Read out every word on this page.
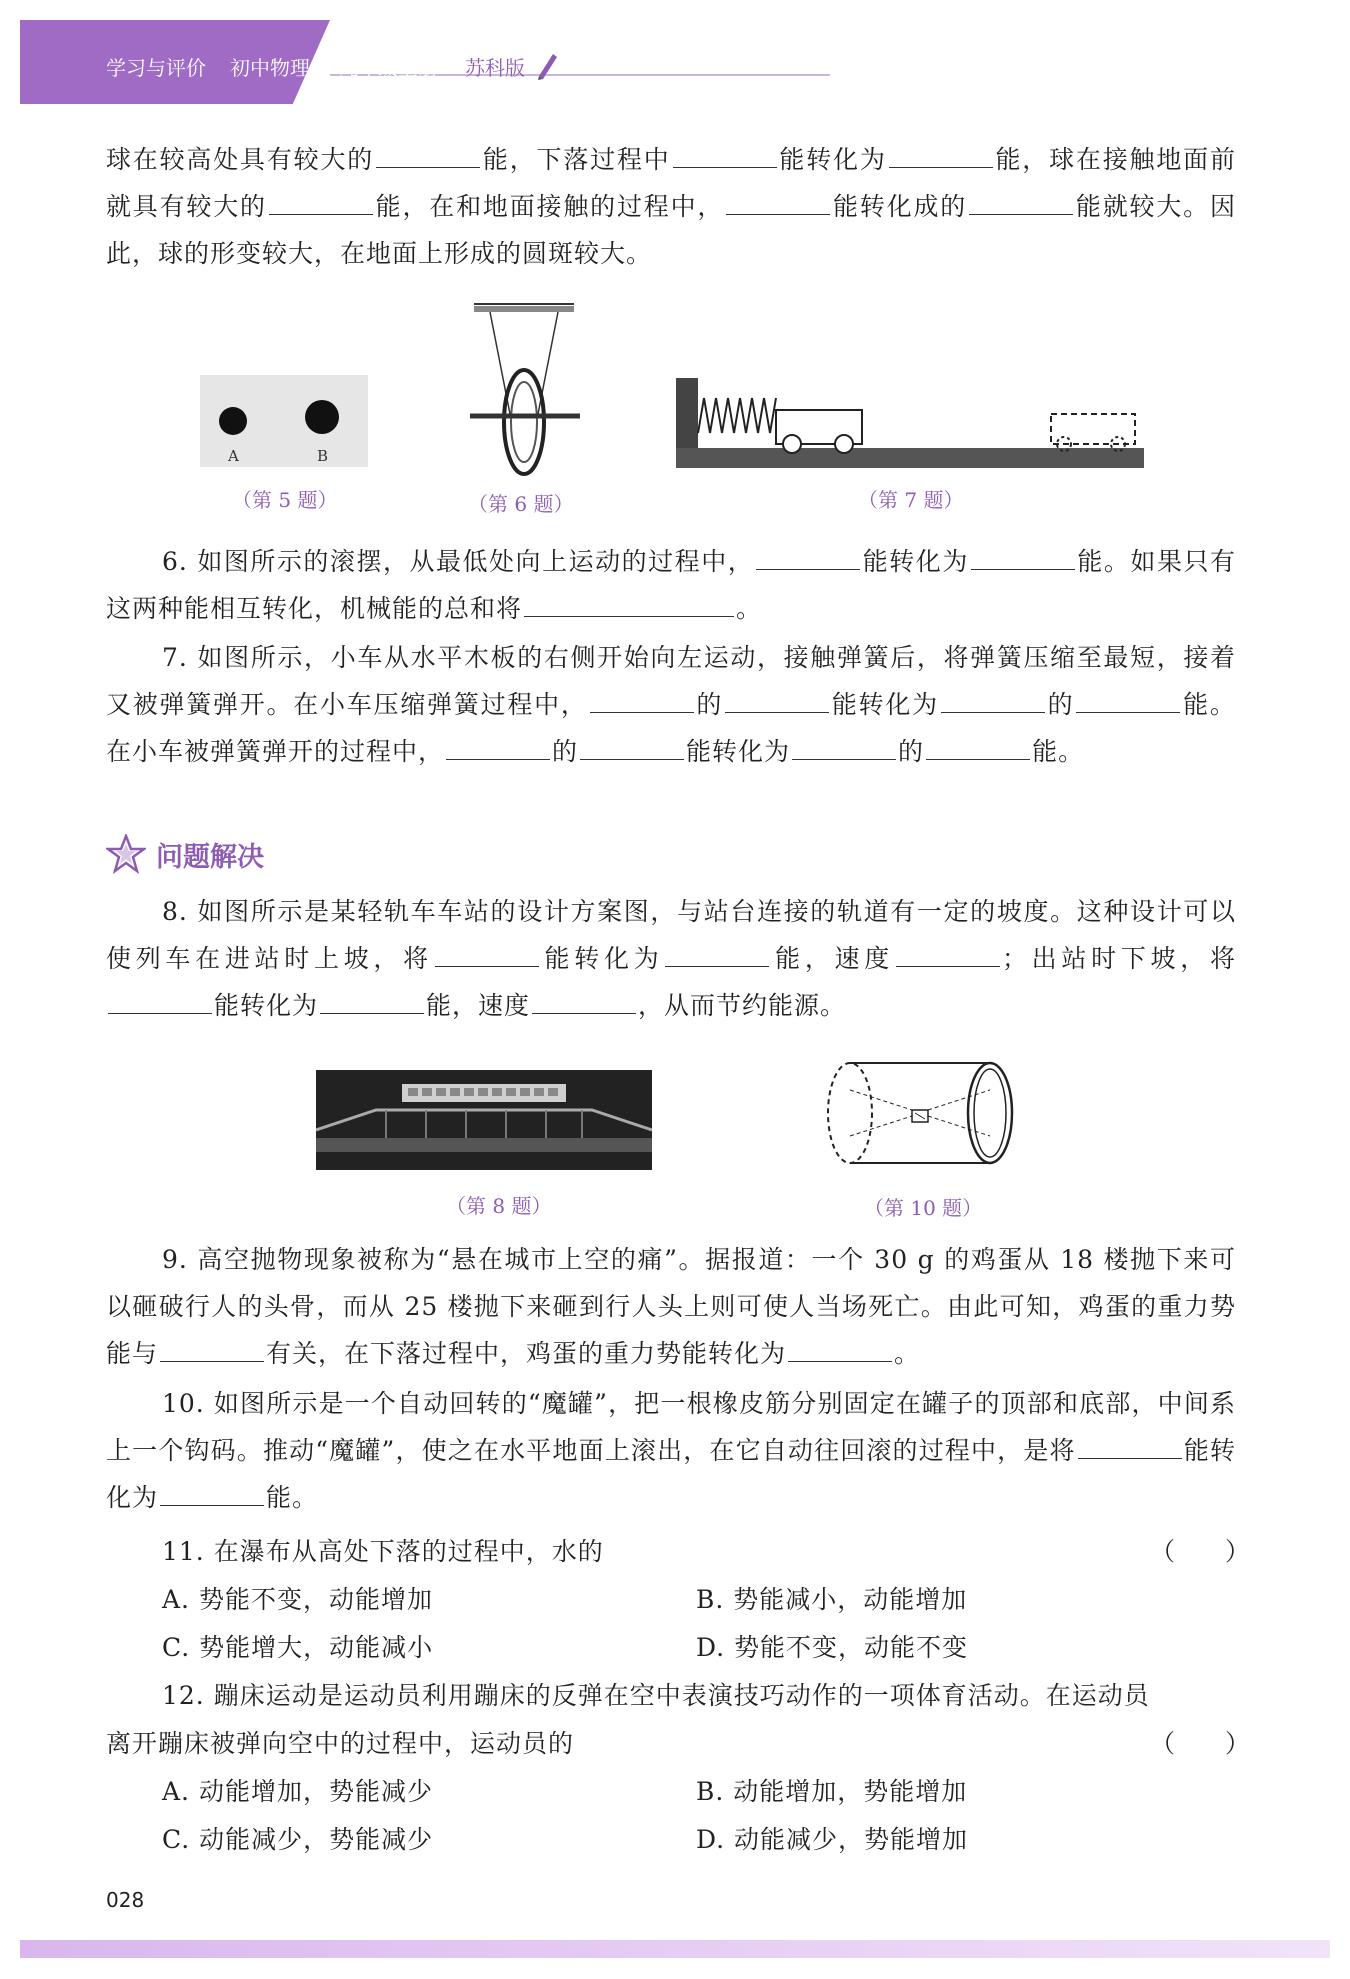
学习与评价 初中物理 九年级上册 苏科版
球在较高处具有较大的	能，下落过程中	能转化为	能，球在接触地面前就具有较大的	能，在和地面接触的过程中，	能转化成的	能就较大。因此，球的形变较大，在地面上形成的圆斑较大。
A	B
（第 5 题）	（第 6 题）	（第 7 题）
6. 如图所示的滚摆，从最低处向上运动的过程中，	能转化为	能。如果只有这两种能相互转化，机械能的总和将	。
7. 如图所示，小车从水平木板的右侧开始向左运动，接触弹簧后，将弹簧压缩至最短，接着又被弹簧弹开。在小车压缩弹簧过程中，	的	能转化为	的	能。在小车被弹簧弹开的过程中，	的	能转化为	的	能。
问题解决
8. 如图所示是某轻轨车车站的设计方案图，与站台连接的轨道有一定的坡度。这种设计可以使列车在进站时上坡，将	能转化为	能，速度	；出站时下坡，将能转化为	能，速度	，从而节约能源。
（第 8 题）	（第 10 题）
9. 高空抛物现象被称为“悬在城市上空的痛”。据报道：一个 30 g 的鸡蛋从 18 楼抛下来可以砸破行人的头骨，而从 25 楼抛下来砸到行人头上则可使人当场死亡。由此可知，鸡蛋的重力势能与	有关，在下落过程中，鸡蛋的重力势能转化为	。
10. 如图所示是一个自动回转的“魔罐”，把一根橡皮筋分别固定在罐子的顶部和底部，中间系上一个钩码。推动“魔罐”，使之在水平地面上滚出，在它自动往回滚的过程中，是将	能转化为	能。
11. 在瀑布从高处下落的过程中，水的	（　　）
A. 势能不变，动能增加	B. 势能减小，动能增加
C. 势能增大，动能减小	D. 势能不变，动能不变
12. 蹦床运动是运动员利用蹦床的反弹在空中表演技巧动作的一项体育活动。在运动员
离开蹦床被弹向空中的过程中，运动员的	（　　）
A. 动能增加，势能减少	B. 动能增加，势能增加
C. 动能减少，势能减少	D. 动能减少，势能增加
028
